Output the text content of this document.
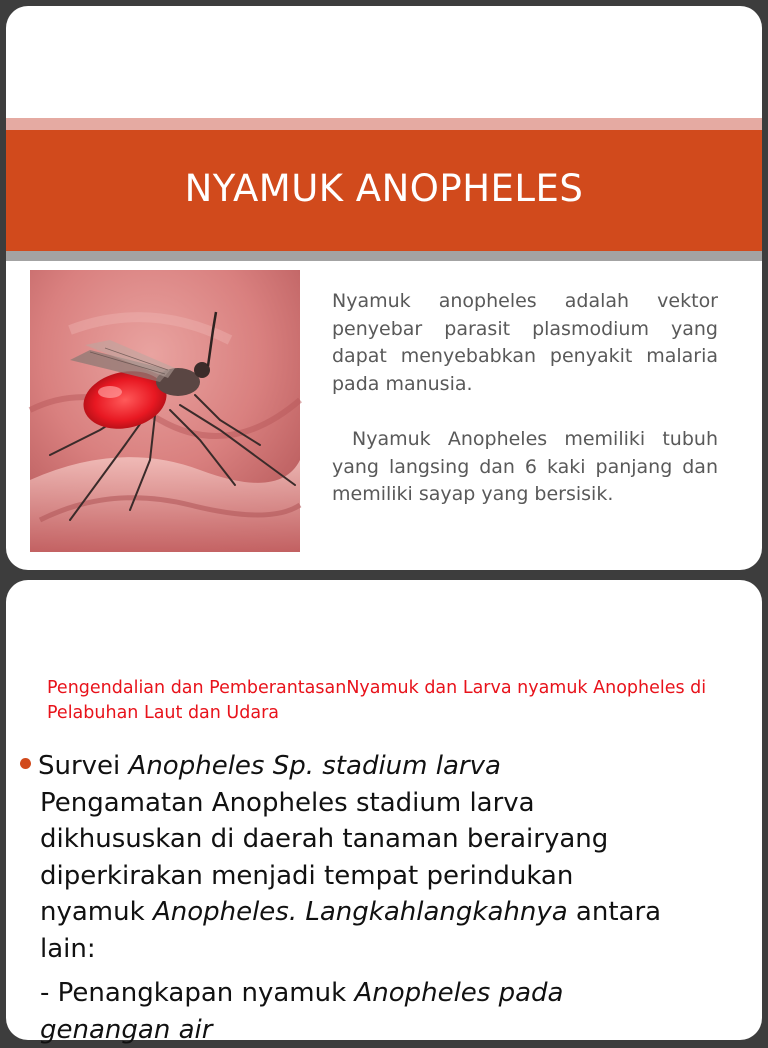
NYAMUK ANOPHELES

Nyamuk anopheles adalah vektor penyebar parasit plasmodium yang dapat menyebabkan penyakit malaria pada manusia.

Nyamuk Anopheles memiliki tubuh yang langsing dan 6 kaki panjang dan memiliki sayap yang bersisik.

Pengendalian dan PemberantasanNyamuk dan Larva nyamuk Anopheles di Pelabuhan Laut dan Udara
Survei Anopheles Sp. stadium larva
Pengamatan Anopheles stadium larva
dikhususkan di daerah tanaman berairyang
diperkirakan menjadi tempat perindukan
nyamuk Anopheles. Langkahlangkahnya antara
lain:
- Penangkapan nyamuk Anopheles pada
genangan air
